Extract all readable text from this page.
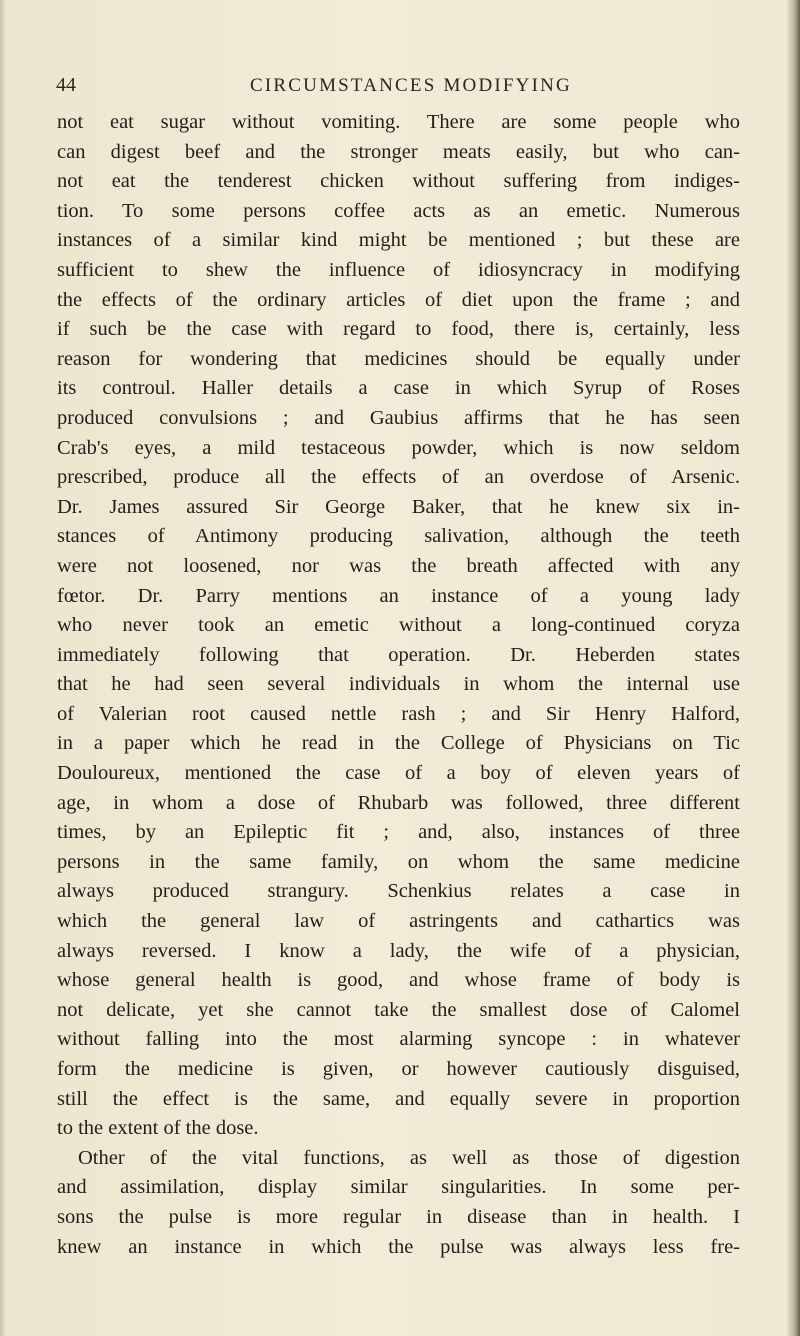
44	CIRCUMSTANCES MODIFYING
not eat sugar without vomiting. There are some people who
can digest beef and the stronger meats easily, but who can-
not eat the tenderest chicken without suffering from indiges-
tion. To some persons coffee acts as an emetic. Numerous
instances of a similar kind might be mentioned ; but these are
sufficient to shew the influence of idiosyncracy in modifying
the effects of the ordinary articles of diet upon the frame ; and
if such be the case with regard to food, there is, certainly, less
reason for wondering that medicines should be equally under
its controul. Haller details a case in which Syrup of Roses
produced convulsions ; and Gaubius affirms that he has seen
Crab's eyes, a mild testaceous powder, which is now seldom
prescribed, produce all the effects of an overdose of Arsenic.
Dr. James assured Sir George Baker, that he knew six in-
stances of Antimony producing salivation, although the teeth
were not loosened, nor was the breath affected with any
fœtor. Dr. Parry mentions an instance of a young lady
who never took an emetic without a long-continued coryza
immediately following that operation. Dr. Heberden states
that he had seen several individuals in whom the internal use
of Valerian root caused nettle rash ; and Sir Henry Halford,
in a paper which he read in the College of Physicians on Tic
Douloureux, mentioned the case of a boy of eleven years of
age, in whom a dose of Rhubarb was followed, three different
times, by an Epileptic fit ; and, also, instances of three
persons in the same family, on whom the same medicine
always produced strangury. Schenkius relates a case in
which the general law of astringents and cathartics was
always reversed. I know a lady, the wife of a physician,
whose general health is good, and whose frame of body is
not delicate, yet she cannot take the smallest dose of Calomel
without falling into the most alarming syncope : in whatever
form the medicine is given, or however cautiously disguised,
still the effect is the same, and equally severe in proportion
to the extent of the dose.
Other of the vital functions, as well as those of digestion
and assimilation, display similar singularities. In some per-
sons the pulse is more regular in disease than in health. I
knew an instance in which the pulse was always less fre-
